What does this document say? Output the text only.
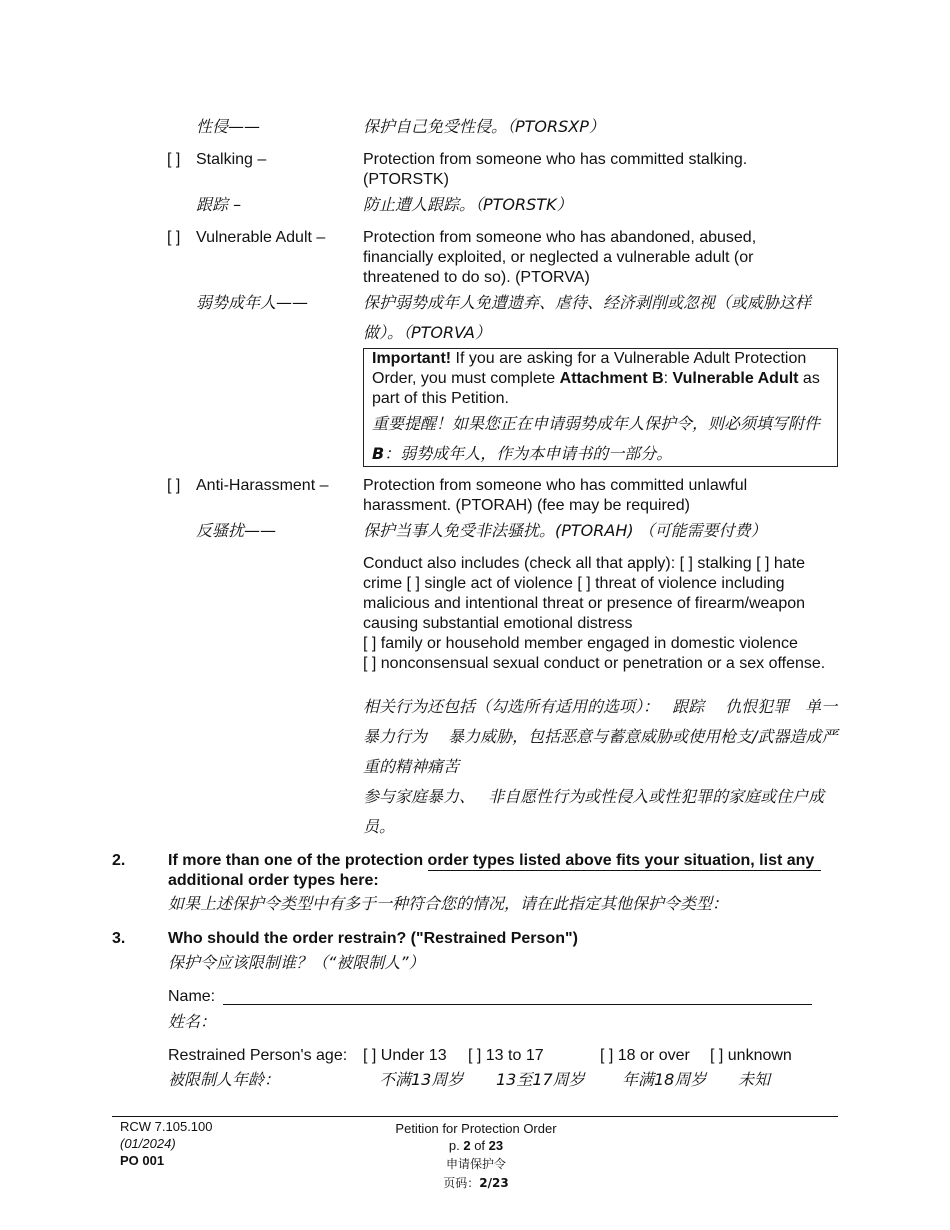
性侵——	保护自己免受性侵。（PTORSXP）
[ ] Stalking –	Protection from someone who has committed stalking. (PTORSTK)
跟踪 –	防止遭人跟踪。（PTORSTK）
[ ] Vulnerable Adult – Protection from someone who has abandoned, abused, financially exploited, or neglected a vulnerable adult (or threatened to do so). (PTORVA)
弱势成年人——	保护弱势成年人免遭遗弃、虐待、经济剥削或忽视（或威胁这样做）。（PTORVA）
Important! If you are asking for a Vulnerable Adult Protection Order, you must complete Attachment B: Vulnerable Adult as part of this Petition.
重要提醒！如果您正在申请弱势成年人保护令，则必须填写附件 B：弱势成年人，作为本申请书的一部分。
[ ] Anti-Harassment – Protection from someone who has committed unlawful harassment. (PTORAH) (fee may be required)
反骚扰——	保护当事人免受非法骚扰。(PTORAH) （可能需要付费）
Conduct also includes (check all that apply): [ ] stalking [ ] hate crime [ ] single act of violence [ ] threat of violence including malicious and intentional threat or presence of firearm/weapon causing substantial emotional distress
[ ] family or household member engaged in domestic violence
[ ] nonconsensual sexual conduct or penetration or a sex offense.
相关行为还包括（勾选所有适用的选项）：　 跟踪　 仇恨犯罪　单一暴力行为　 暴力威胁，包括恶意与蓄意威胁或使用枪支/武器造成严重的精神痛苦
参与家庭暴力、　 非自愿性行为或性侵入或性犯罪的家庭或住户成员。
2.	If more than one of the protection order types listed above fits your situation, list any additional order types here:
如果上述保护令类型中有多于一种符合您的情况，请在此指定其他保护令类型：
3.	Who should the order restrain? ("Restrained Person")
保护令应该限制谁？（“被限制人”）
Name:
姓名：
Restrained Person's age: [ ] Under 13 [ ] 13 to 17	[ ] 18 or over [ ] unknown
被限制人年龄：	不满13周岁 13至17周岁 年满18周岁 未知
RCW 7.105.100
(01/2024)
PO 001
Petition for Protection Order
p. 2 of 23
申请保护令
页码：2/23
